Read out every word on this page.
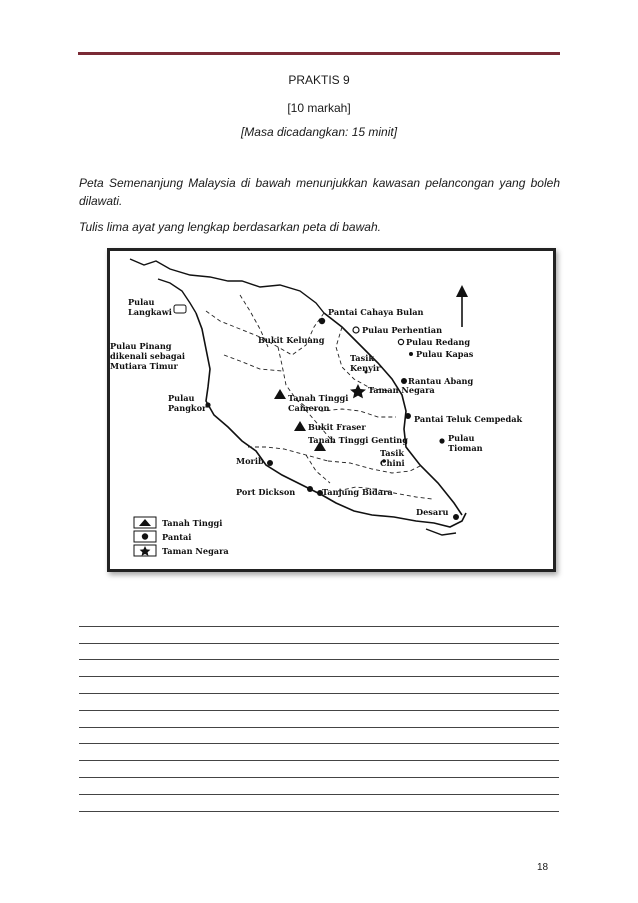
PRAKTIS 9
[10 markah]
[Masa dicadangkan: 15 minit]
Peta Semenanjung Malaysia di bawah menunjukkan kawasan pelancongan yang boleh dilawati.
Tulis lima ayat yang lengkap berdasarkan peta di bawah.
Pulau
Langkawi
Pulau Pinang
dikenali sebagai
Mutiara Timur
Pulau
Pangkor
Pantai Cahaya Bulan
Pulau Perhentian
Pulau Redang
Pulau Kapas
Bukit Keluang
Tasik
Kenyir
Taman Negara
Rantau Abang
Tanah Tinggi
Cameron
Pantai Teluk Cempedak
Bukit Fraser
Tanah Tinggi Genting
Tasik
Chini
Pulau
Tioman
Morib
Port Dickson	Tanjung Bidara
Desaru
Tanah Tinggi
Pantai
Taman Negara
18
